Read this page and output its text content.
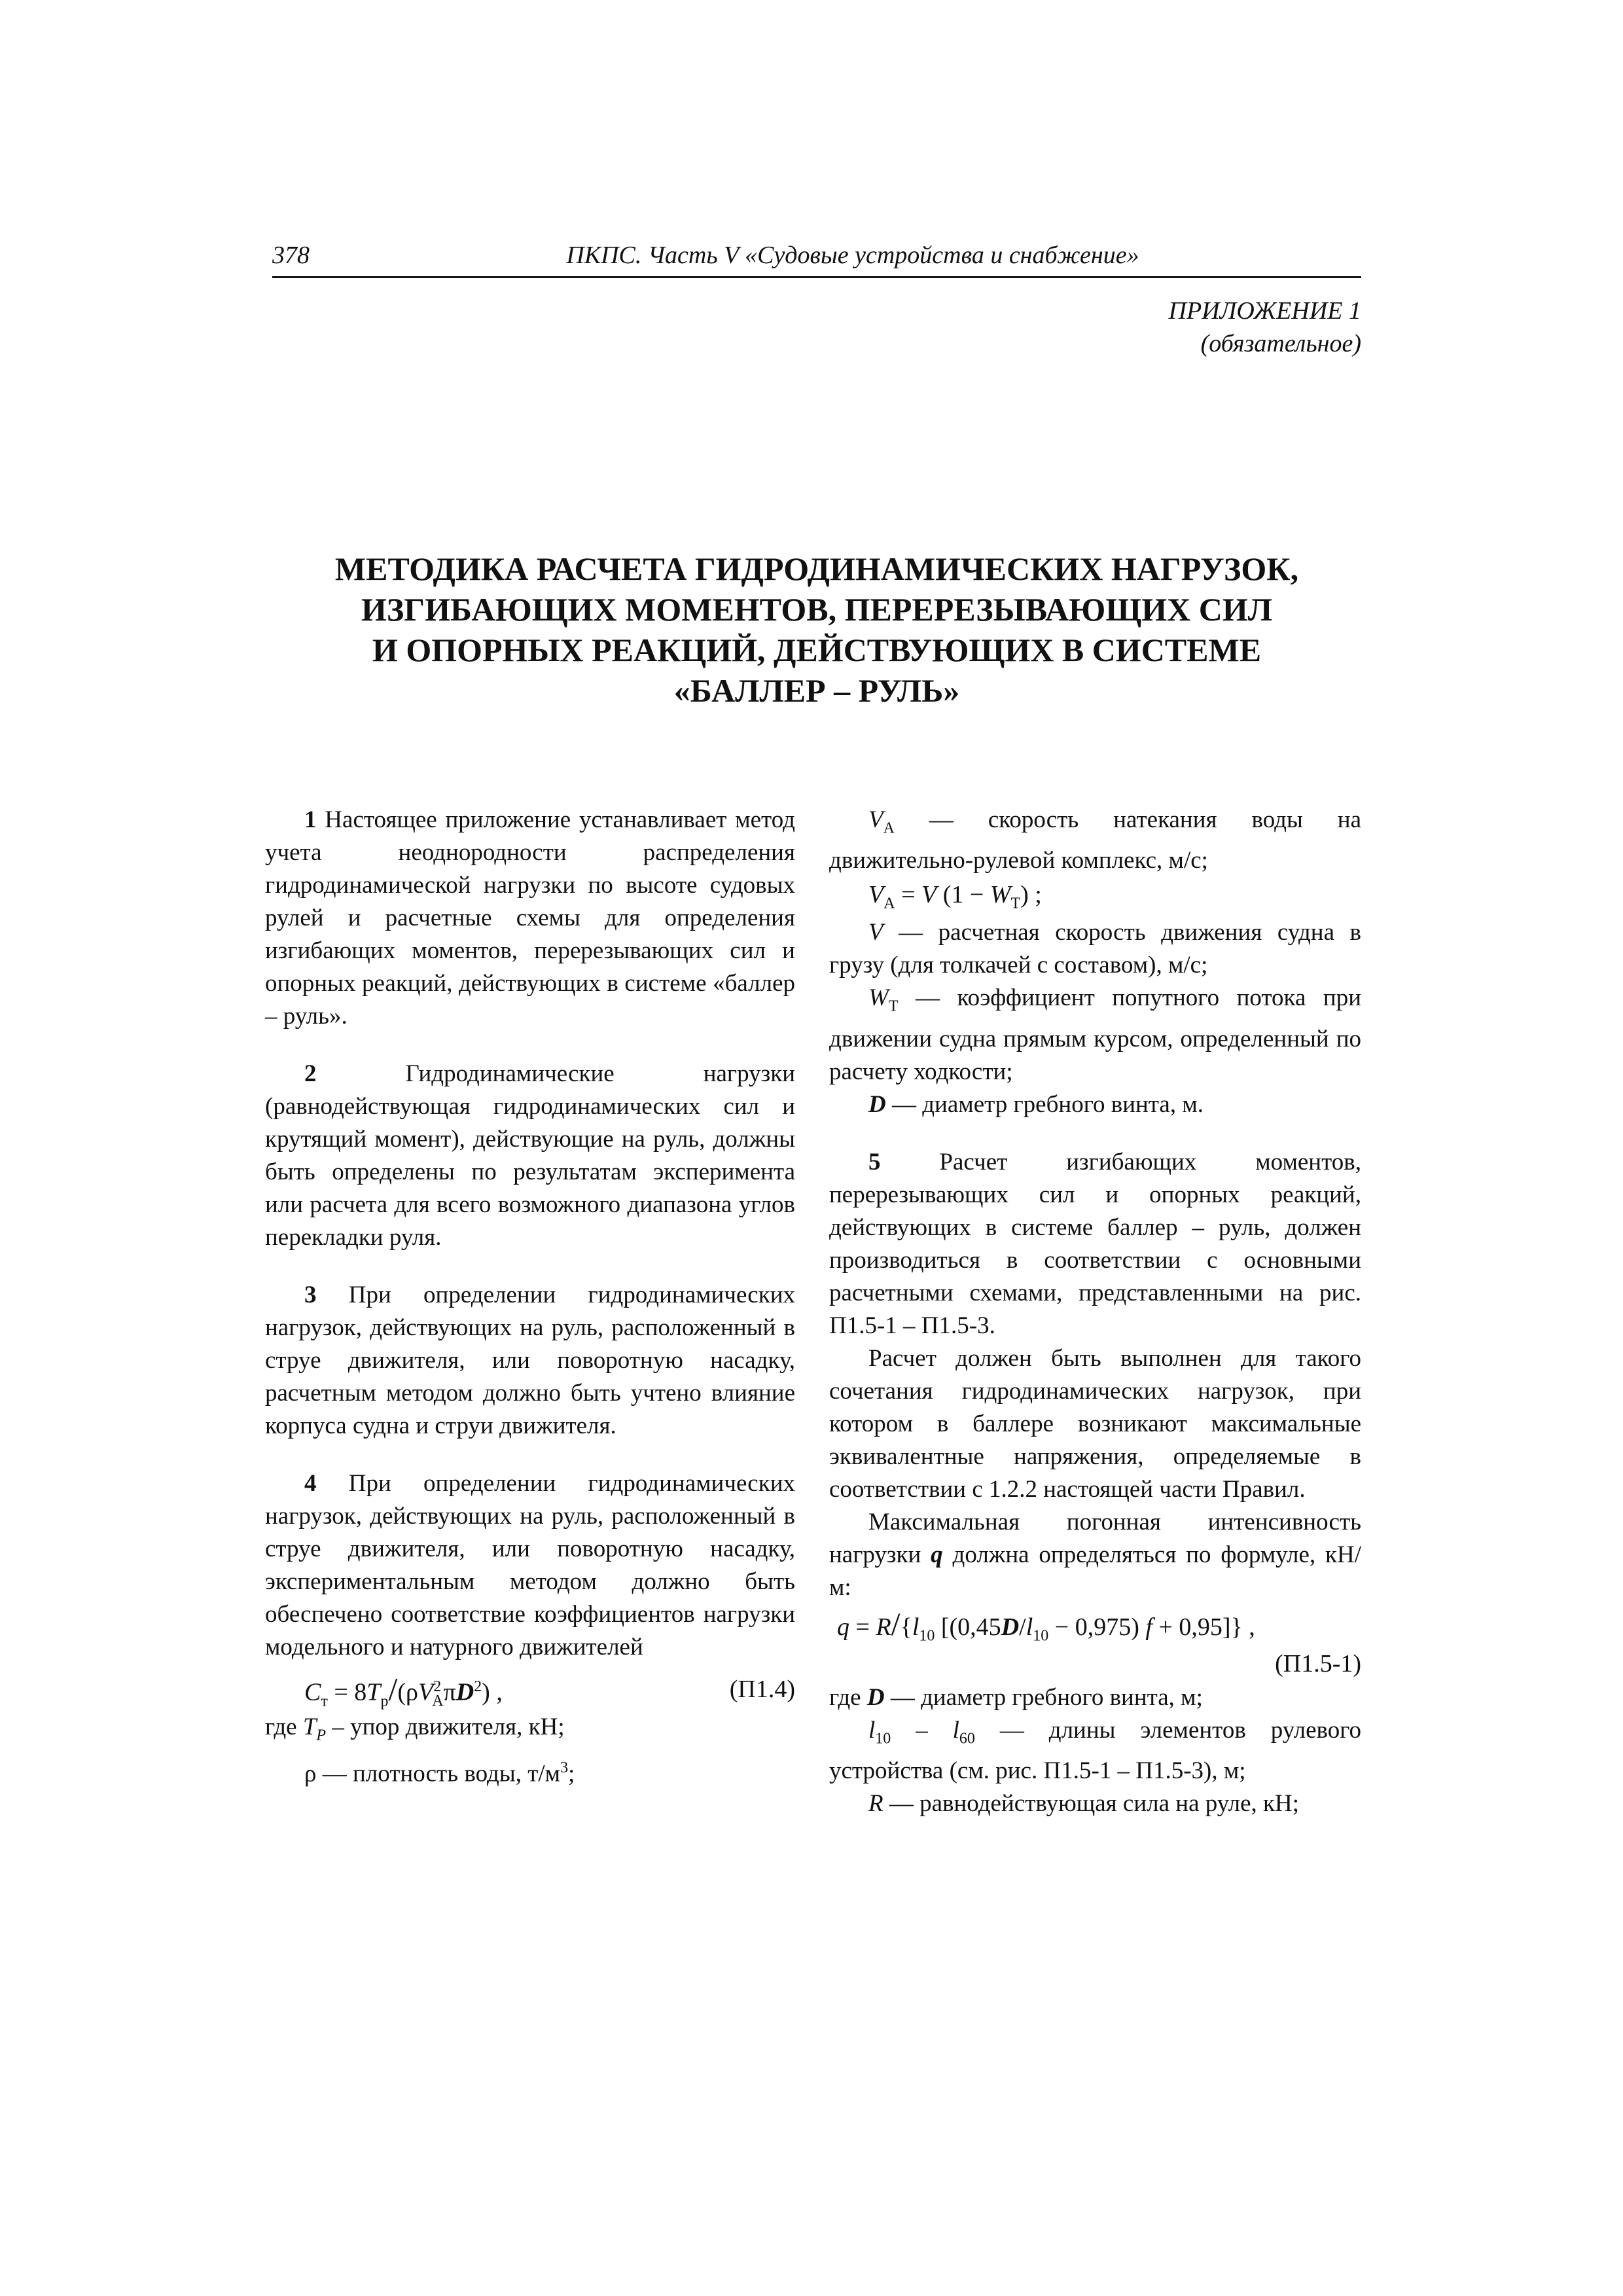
378	ПКПС. Часть V «Судовые устройства и снабжение»
ПРИЛОЖЕНИЕ 1
(обязательное)
МЕТОДИКА РАСЧЕТА ГИДРОДИНАМИЧЕСКИХ НАГРУЗОК,
ИЗГИБАЮЩИХ МОМЕНТОВ, ПЕРЕРЕЗЫВАЮЩИХ СИЛ
И ОПОРНЫХ РЕАКЦИЙ, ДЕЙСТВУЮЩИХ В СИСТЕМЕ
«БАЛЛЕР – РУЛЬ»

1 Настоящее приложение устанавливает метод учета неоднородности распределения гидродинамической нагрузки по высоте судовых рулей и расчетные схемы для определения изгибающих моментов, перерезывающих сил и опорных реакций, действующих в системе «баллер – руль».

2 Гидродинамические нагрузки (равнодействующая гидродинамических сил и крутящий момент), действующие на руль, должны быть определены по результатам эксперимента или расчета для всего возможного диапазона углов перекладки руля.

3 При определении гидродинамических нагрузок, действующих на руль, расположенный в струе движителя, или поворотную насадку, расчетным методом должно быть учтено влияние корпуса судна и струи движителя.

4 При определении гидродинамических нагрузок, действующих на руль, расположенный в струе движителя, или поворотную насадку, экспериментальным методом должно быть обеспечено соответствие коэффициентов нагрузки модельного и натурного движителей

$C_т = 8T_р/(\rho V^2_A\pi D^2)$ ,	(П1.4)

где $T_P$ – упор движителя, кН;

ρ — плотность воды, $т/м^3$;

$V_A$ — скорость натекания воды на движительно-рулевой комплекс, м/с;

$V_A = V$ $(1 - W_T)$ ;

V — расчетная скорость движения судна в грузу (для толкачей с составом), м/с;

$W_T$ — коэффициент попутного потока при движении судна прямым курсом, определенный по расчету ходкости;

D — диаметр гребного винта, м.

5 Расчет изгибающих моментов, перерезывающих сил и опорных реакций, действующих в системе баллер – руль, должен производиться в соответствии с основными расчетными схемами, представленными на рис. П1.5-1 – П1.5-3.

Расчет должен быть выполнен для такого сочетания гидродинамических нагрузок, при котором в баллере возникают максимальные эквивалентные напряжения, определяемые в соответствии с 1.2.2 настоящей части Правил.

Максимальная погонная интенсивность нагрузки q должна определяться по формуле, кН/м:

$q = R/\{l_{10}$ $[(0,45D/l_{10} - 0,975) f + 0,95]$} ,
(П1.5-1)

где D — диаметр гребного винта, м;

$l_{10} - l_{60}$ — длины элементов рулевого устройства (см. рис. П1.5-1 – П1.5-3), м;

R — равнодействующая сила на руле, кН;
